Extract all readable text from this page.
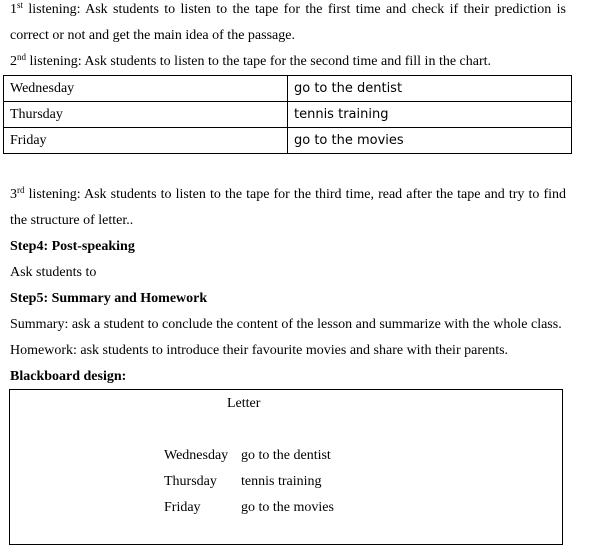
1st listening: Ask students to listen to the tape for the first time and check if their prediction is
correct or not and get the main idea of the passage.
2nd listening: Ask students to listen to the tape for the second time and fill in the chart.
Wednesday	go to the dentist
Thursday	tennis training
Friday	go to the movies
3rd listening: Ask students to listen to the tape for the third time, read after the tape and try to find
the structure of letter..
Step4: Post-speaking
Ask students to
Step5: Summary and Homework
Summary: ask a student to conclude the content of the lesson and summarize with the whole class.
Homework: ask students to introduce their favourite movies and share with their parents.
Blackboard design:
Letter
Wednesday go to the dentist
Thursday tennis training
Friday	go to the movies
